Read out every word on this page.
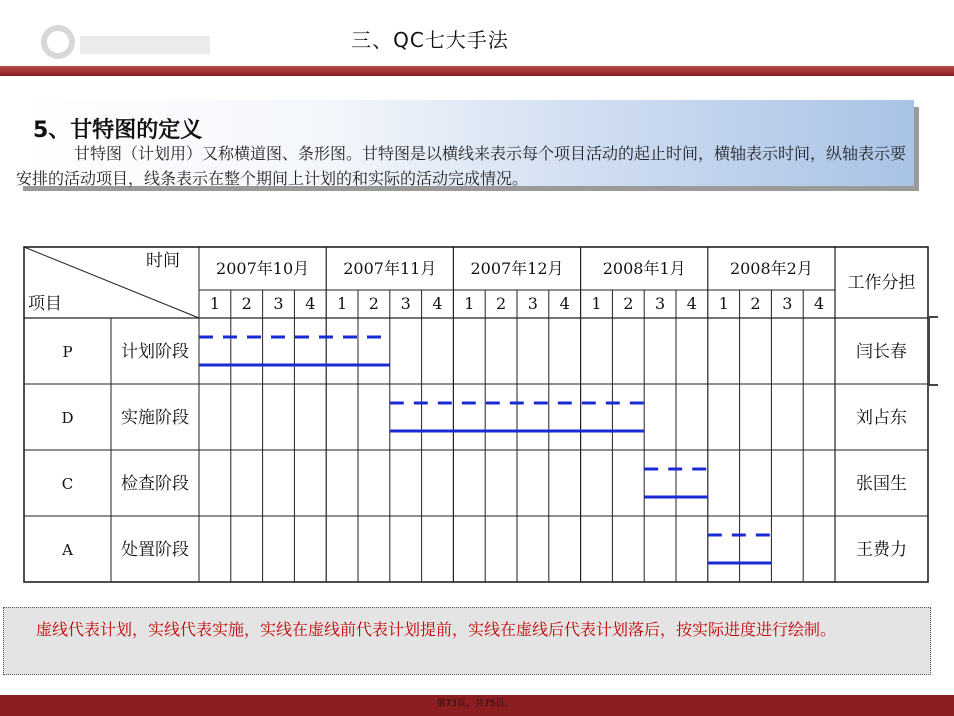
三、QC七大手法
5、甘特图的定义
甘特图（计划用）又称横道图、条形图。甘特图是以横线来表示每个项目活动的起止时间，横轴表示时间，纵轴表示要安排的活动项目，线条表示在整个期间上计划的和实际的活动完成情况。
时间
项目
2007年10月 2007年11月 2007年12月 2008年1月	2008年2月
1 2 3 4 1 2 3 4 1 2 3 4 1 2 3 4 1 2 3 4
工作分担
P	计划阶段	闫长春
D	实施阶段	刘占东
C	检查阶段	张国生
A	处置阶段	王费力
虚线代表计划，实线代表实施，实线在虚线前代表计划提前，实线在虚线后代表计划落后，按实际进度进行绘制。
第73页，共75页。
